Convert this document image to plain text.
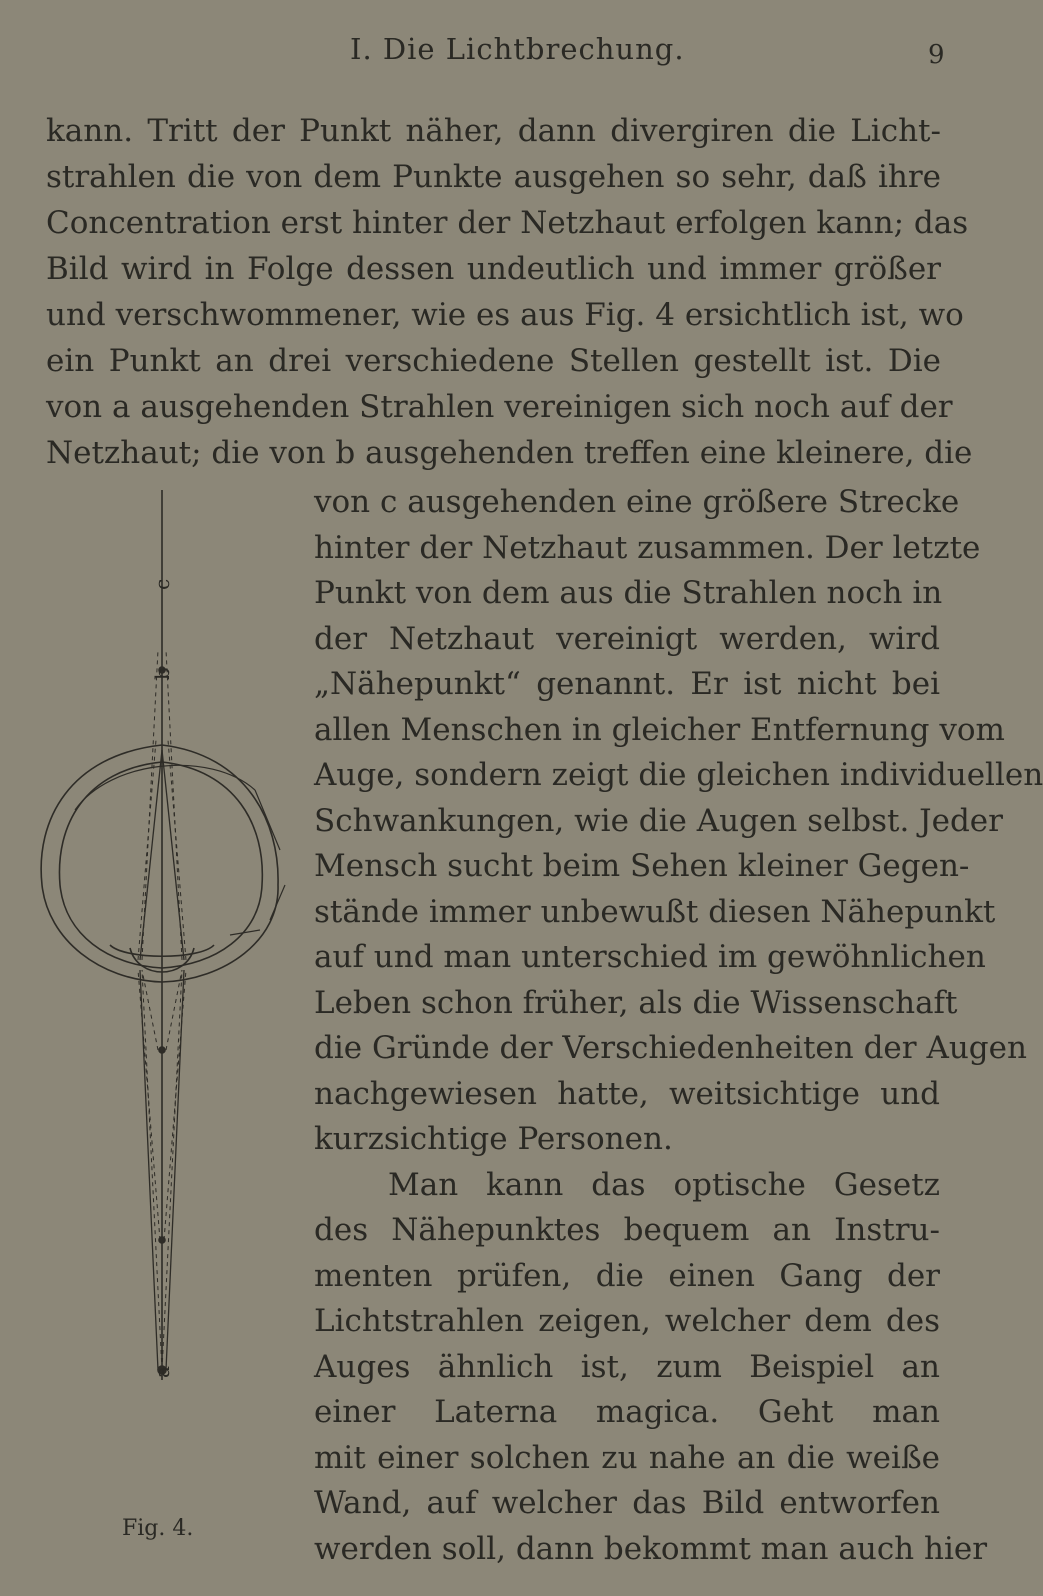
I. Die Lichtbrechung.	9
kann. Tritt der Punkt näher, dann divergiren die Licht-
strahlen die von dem Punkte ausgehen so sehr, daß ihre
Concentration erst hinter der Netzhaut erfolgen kann; das
Bild wird in Folge dessen undeutlich und immer größer
und verschwommener, wie es aus Fig. 4 ersichtlich ist, wo
ein Punkt an drei verschiedene Stellen gestellt ist. Die
von a ausgehenden Strahlen vereinigen sich noch auf der
Netzhaut; die von b ausgehenden treffen eine kleinere, die
c
b
a
Fig. 4.
von c ausgehenden eine größere Strecke
hinter der Netzhaut zusammen. Der letzte
Punkt von dem aus die Strahlen noch in
der Netzhaut vereinigt werden, wird
„Nähepunkt“ genannt. Er ist nicht bei
allen Menschen in gleicher Entfernung vom
Auge, sondern zeigt die gleichen individuellen
Schwankungen, wie die Augen selbst. Jeder
Mensch sucht beim Sehen kleiner Gegen-
stände immer unbewußt diesen Nähepunkt
auf und man unterschied im gewöhnlichen
Leben schon früher, als die Wissenschaft
die Gründe der Verschiedenheiten der Augen
nachgewiesen hatte, weitsichtige und
kurzsichtige Personen.
Man kann das optische Gesetz
des Nähepunktes bequem an Instru-
menten prüfen, die einen Gang der
Lichtstrahlen zeigen, welcher dem des
Auges ähnlich ist, zum Beispiel an
einer Laterna magica. Geht man
mit einer solchen zu nahe an die weiße
Wand, auf welcher das Bild entworfen
werden soll, dann bekommt man auch hier
